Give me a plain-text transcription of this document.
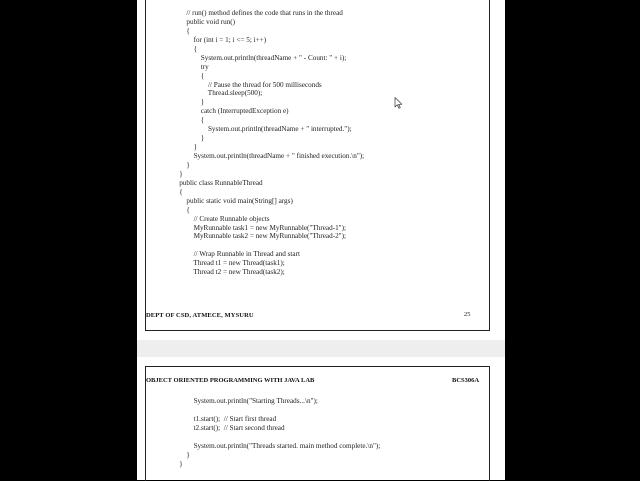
// run() method defines the code that runs in the thread
public void run()
{
for (int i = 1; i <= 5; i++)
{
System.out.println(threadName + " - Count: " + i);
try
{
// Pause the thread for 500 milliseconds
Thread.sleep(500);
}
catch (InterruptedException e)
{
System.out.println(threadName + " interrupted.");
}
}
System.out.println(threadName + " finished execution.\n");
}
}
public class RunnableThread
{
public static void main(String[] args)
{
// Create Runnable objects
MyRunnable task1 = new MyRunnable("Thread-1");
MyRunnable task2 = new MyRunnable("Thread-2");
// Wrap Runnable in Thread and start
Thread t1 = new Thread(task1);
Thread t2 = new Thread(task2);
DEPT OF CSD, ATMECE, MYSURU	25
OBJECT ORIENTED PROGRAMMING WITH JAVA LAB	BCS306A
System.out.println("Starting Threads...\n");
t1.start();  // Start first thread
t2.start();  // Start second thread
System.out.println("Threads started. main method complete.\n");
}
}
